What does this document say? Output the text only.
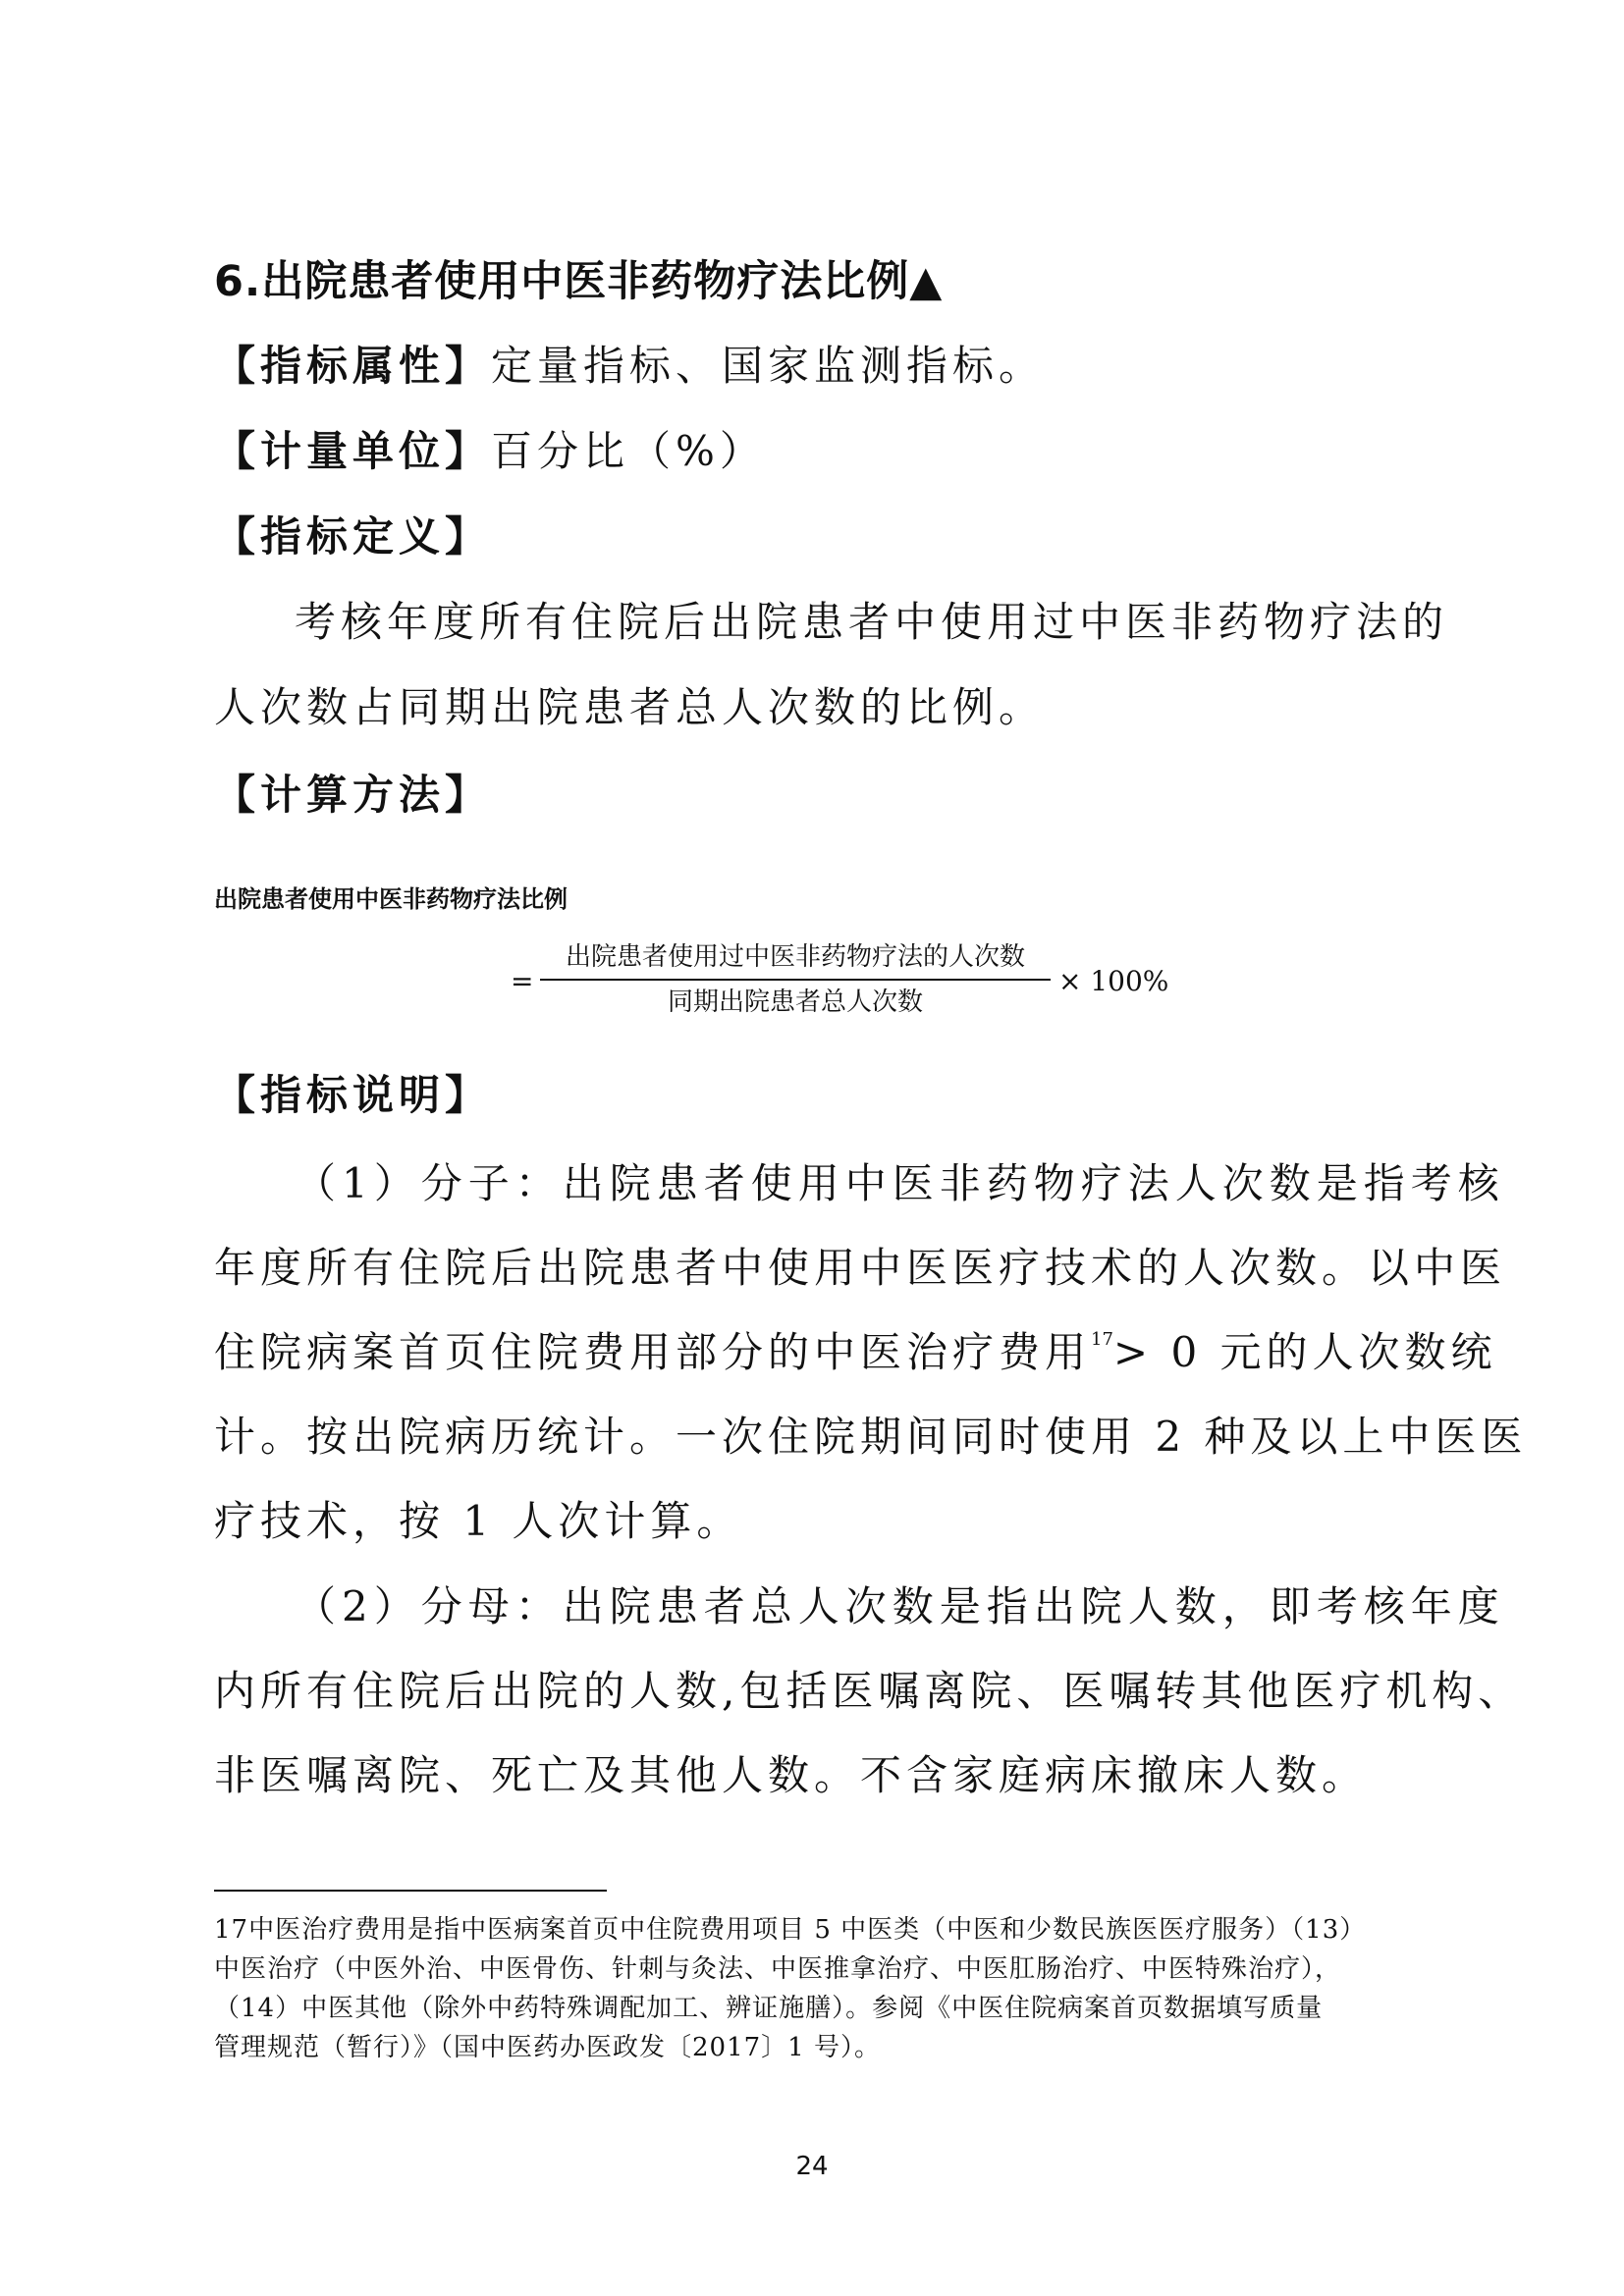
6.出院患者使用中医非药物疗法比例▲
【指标属性】定量指标、国家监测指标。
【计量单位】百分比（%）
【指标定义】
考核年度所有住院后出院患者中使用过中医非药物疗法的
人次数占同期出院患者总人次数的比例。
【计算方法】
出院患者使用中医非药物疗法比例
=
出院患者使用过中医非药物疗法的人次数
同期出院患者总人次数
× 100%
【指标说明】
（1）分子：出院患者使用中医非药物疗法人次数是指考核
年度所有住院后出院患者中使用中医医疗技术的人次数。以中医
住院病案首页住院费用部分的中医治疗费用$^{17}$> 0 元的人次数统
计。按出院病历统计。一次住院期间同时使用 2 种及以上中医医
疗技术，按 1 人次计算。
（2）分母：出院患者总人次数是指出院人数，即考核年度
内所有住院后出院的人数,包括医嘱离院、医嘱转其他医疗机构、
非医嘱离院、死亡及其他人数。不含家庭病床撤床人数。
17中医治疗费用是指中医病案首页中住院费用项目 5 中医类（中医和少数民族医医疗服务）（13）
中医治疗（中医外治、中医骨伤、针刺与灸法、中医推拿治疗、中医肛肠治疗、中医特殊治疗），
（14）中医其他（除外中药特殊调配加工、辨证施膳）。参阅《中医住院病案首页数据填写质量
管理规范（暂行）》（国中医药办医政发〔2017〕1 号）。
24
